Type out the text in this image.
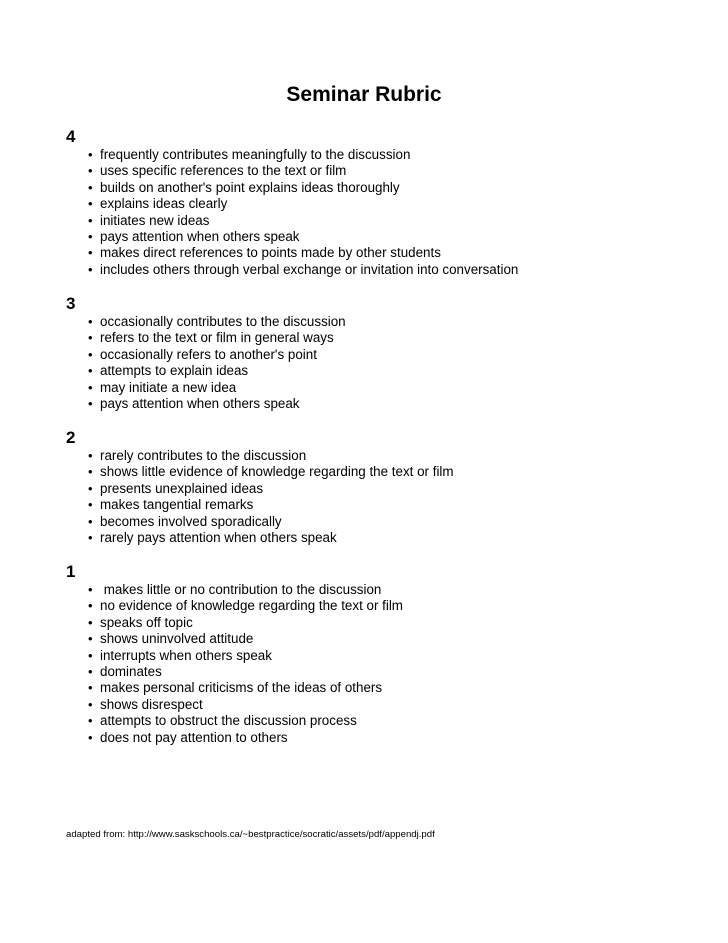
Seminar Rubric
4
• frequently contributes meaningfully to the discussion
• uses specific references to the text or film
• builds on another's point explains ideas thoroughly
• explains ideas clearly
• initiates new ideas
• pays attention when others speak
• makes direct references to points made by other students
• includes others through verbal exchange or invitation into conversation
3
• occasionally contributes to the discussion
• refers to the text or film in general ways
• occasionally refers to another's point
• attempts to explain ideas
• may initiate a new idea
• pays attention when others speak
2
• rarely contributes to the discussion
• shows little evidence of knowledge regarding the text or film
• presents unexplained ideas
• makes tangential remarks
• becomes involved sporadically
• rarely pays attention when others speak
1
•  makes little or no contribution to the discussion
• no evidence of knowledge regarding the text or film
• speaks off topic
• shows uninvolved attitude
• interrupts when others speak
• dominates
• makes personal criticisms of the ideas of others
• shows disrespect
• attempts to obstruct the discussion process
• does not pay attention to others
adapted from: http://www.saskschools.ca/~bestpractice/socratic/assets/pdf/appendj.pdf
